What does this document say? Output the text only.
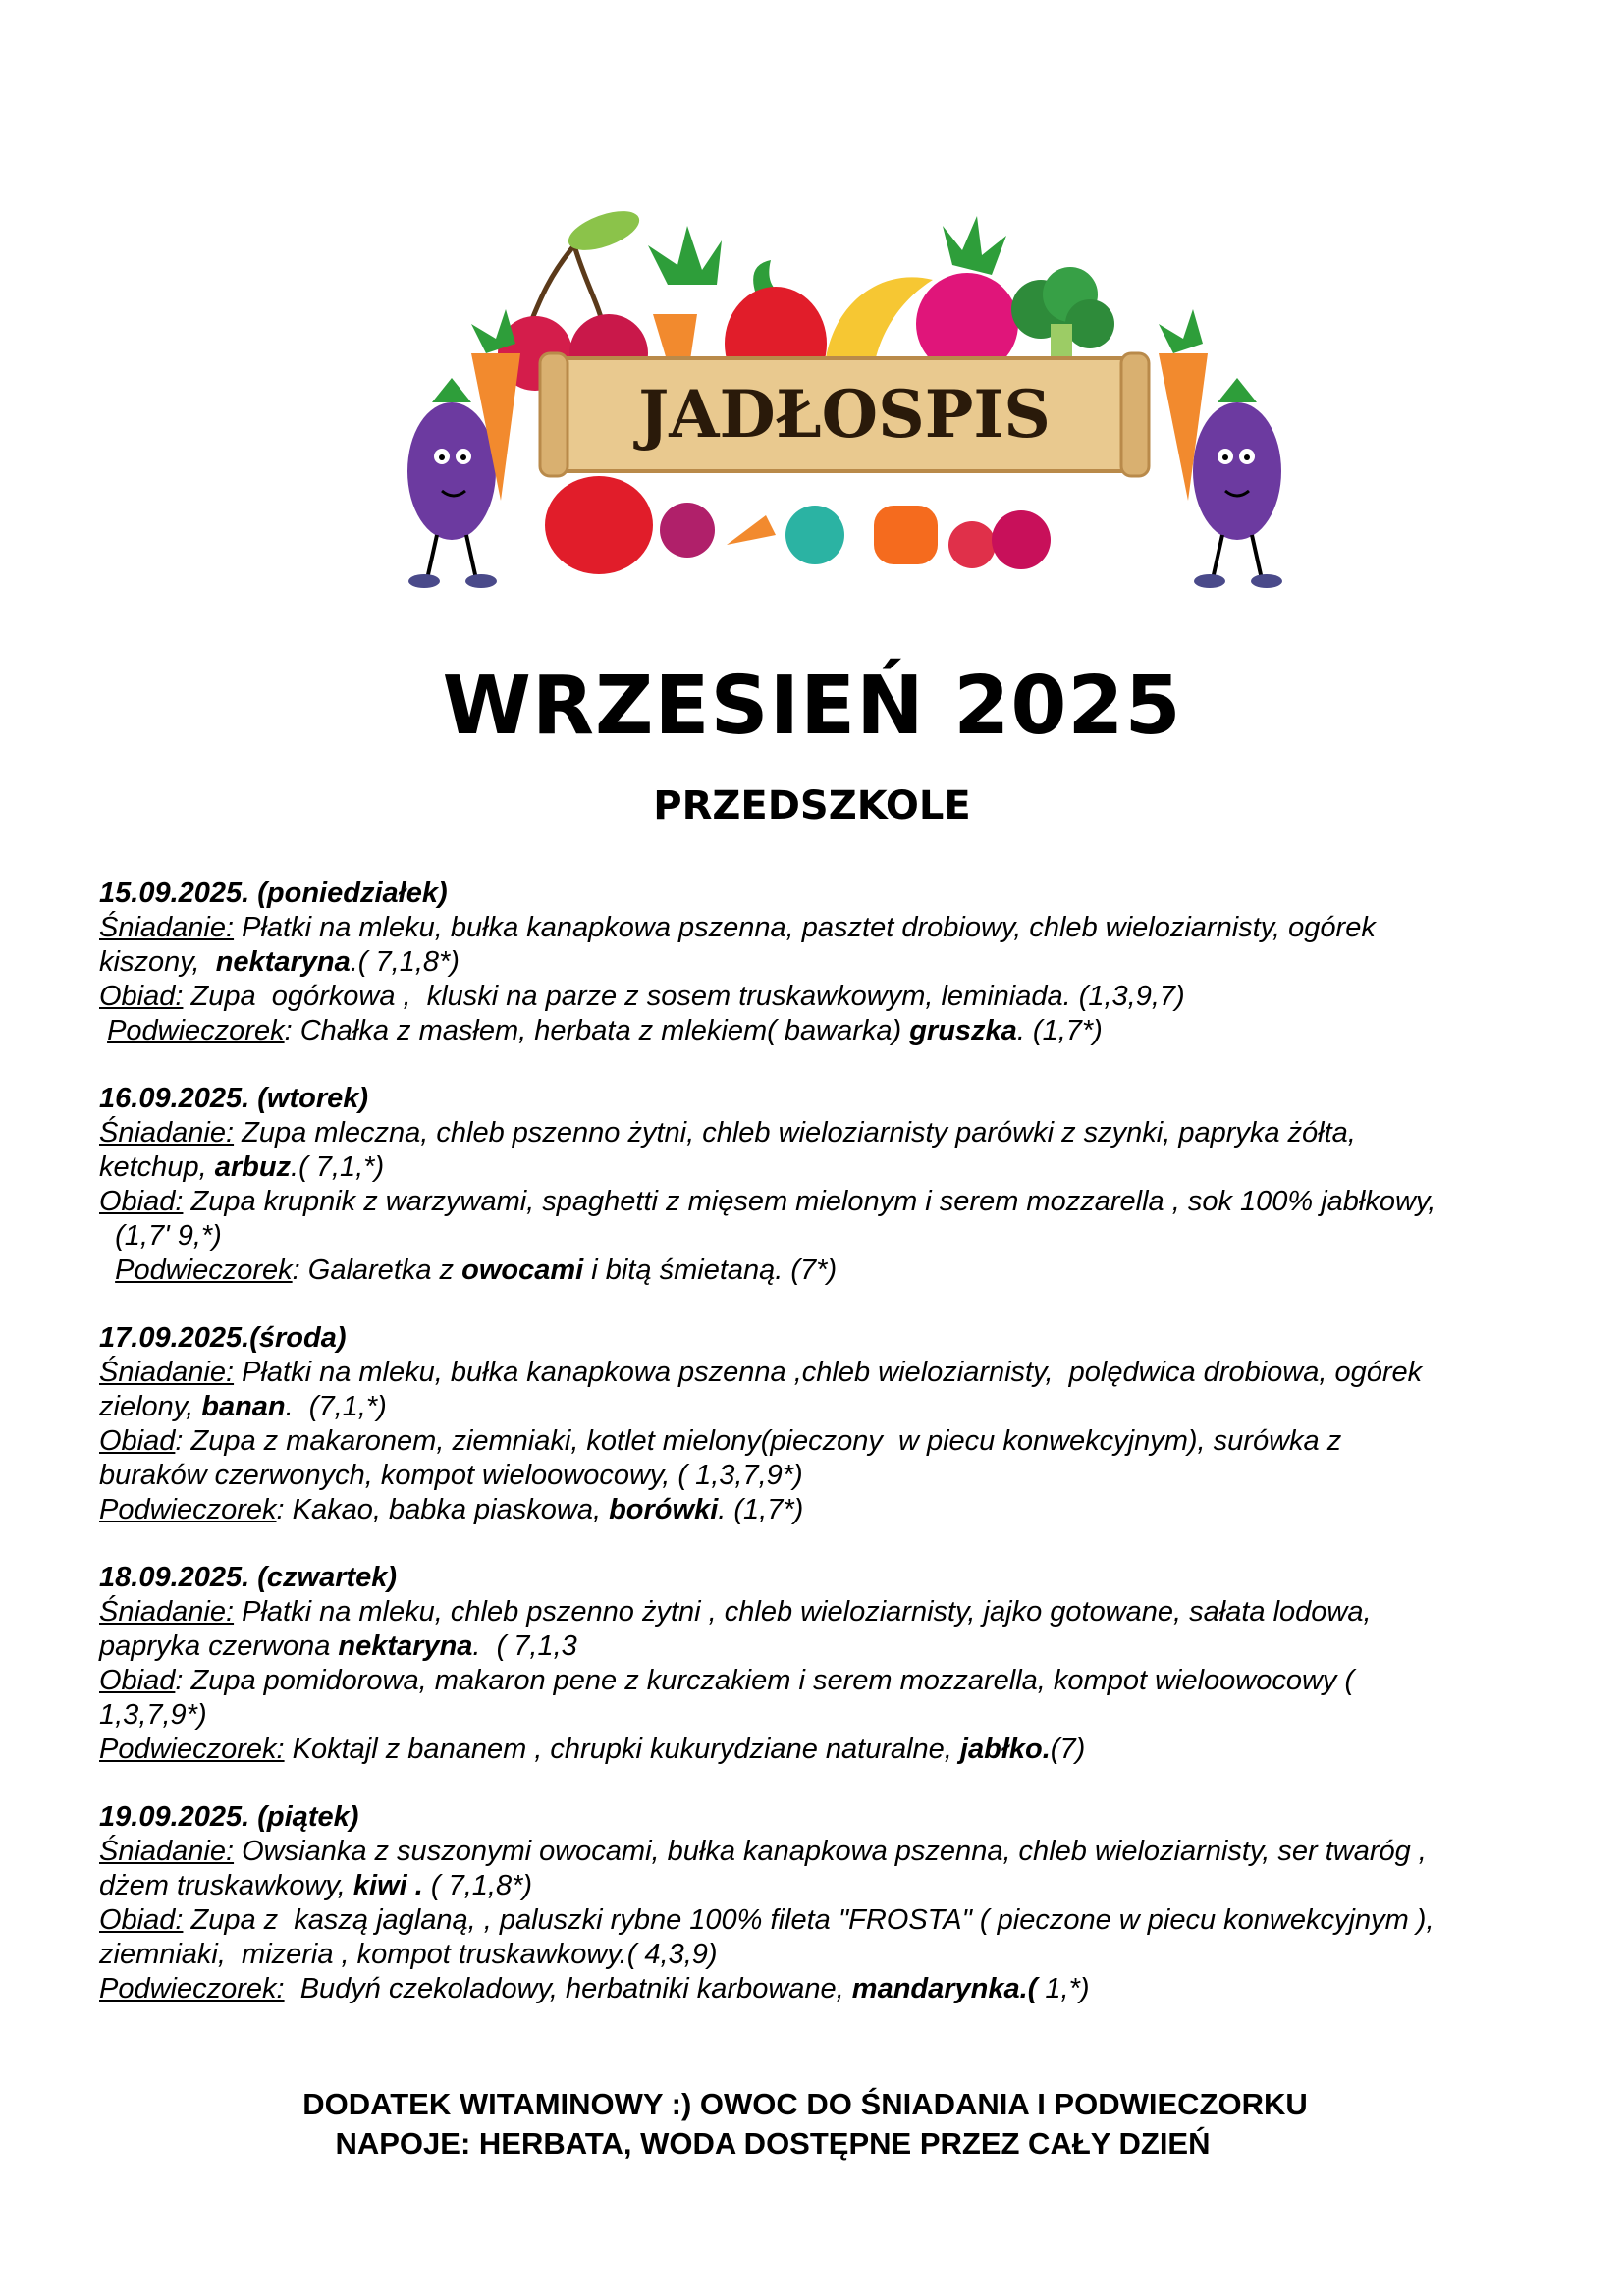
JADŁOSPIS
WRZESIEŃ 2025
PRZEDSZKOLE
15.09.2025. (poniedziałek)
Śniadanie: Płatki na mleku, bułka kanapkowa pszenna, pasztet drobiowy, chleb wieloziarnisty, ogórek
kiszony,  nektaryna.( 7,1,8*)
Obiad: Zupa  ogórkowa ,  kluski na parze z sosem truskawkowym, leminiada. (1,3,9,7)
Podwieczorek: Chałka z masłem, herbata z mlekiem( bawarka) gruszka. (1,7*)
16.09.2025. (wtorek)
Śniadanie: Zupa mleczna, chleb pszenno żytni, chleb wieloziarnisty parówki z szynki, papryka żółta,
ketchup, arbuz.( 7,1,*)
Obiad: Zupa krupnik z warzywami, spaghetti z mięsem mielonym i serem mozzarella , sok 100% jabłkowy,
(1,7' 9,*)
Podwieczorek: Galaretka z owocami i bitą śmietaną. (7*)
17.09.2025.(środa)
Śniadanie: Płatki na mleku, bułka kanapkowa pszenna ,chleb wieloziarnisty,  polędwica drobiowa, ogórek
zielony, banan.  (7,1,*)
Obiad: Zupa z makaronem, ziemniaki, kotlet mielony(pieczony  w piecu konwekcyjnym), surówka z
buraków czerwonych, kompot wieloowocowy, ( 1,3,7,9*)
Podwieczorek: Kakao, babka piaskowa, borówki. (1,7*)
18.09.2025. (czwartek)
Śniadanie: Płatki na mleku, chleb pszenno żytni , chleb wieloziarnisty, jajko gotowane, sałata lodowa,
papryka czerwona nektaryna.  ( 7,1,3
Obiad: Zupa pomidorowa, makaron pene z kurczakiem i serem mozzarella, kompot wieloowocowy (
1,3,7,9*)
Podwieczorek: Koktajl z bananem , chrupki kukurydziane naturalne, jabłko.(7)
19.09.2025. (piątek)
Śniadanie: Owsianka z suszonymi owocami, bułka kanapkowa pszenna, chleb wieloziarnisty, ser twaróg ,
dżem truskawkowy, kiwi . ( 7,1,8*)
Obiad: Zupa z  kaszą jaglaną, , paluszki rybne 100% fileta "FROSTA" ( pieczone w piecu konwekcyjnym ),
ziemniaki,  mizeria , kompot truskawkowy.( 4,3,9)
Podwieczorek:  Budyń czekoladowy, herbatniki karbowane, mandarynka.( 1,*)
DODATEK WITAMINOWY :) OWOC DO ŚNIADANIA I PODWIECZORKU
NAPOJE: HERBATA, WODA DOSTĘPNE PRZEZ CAŁY DZIEŃ
